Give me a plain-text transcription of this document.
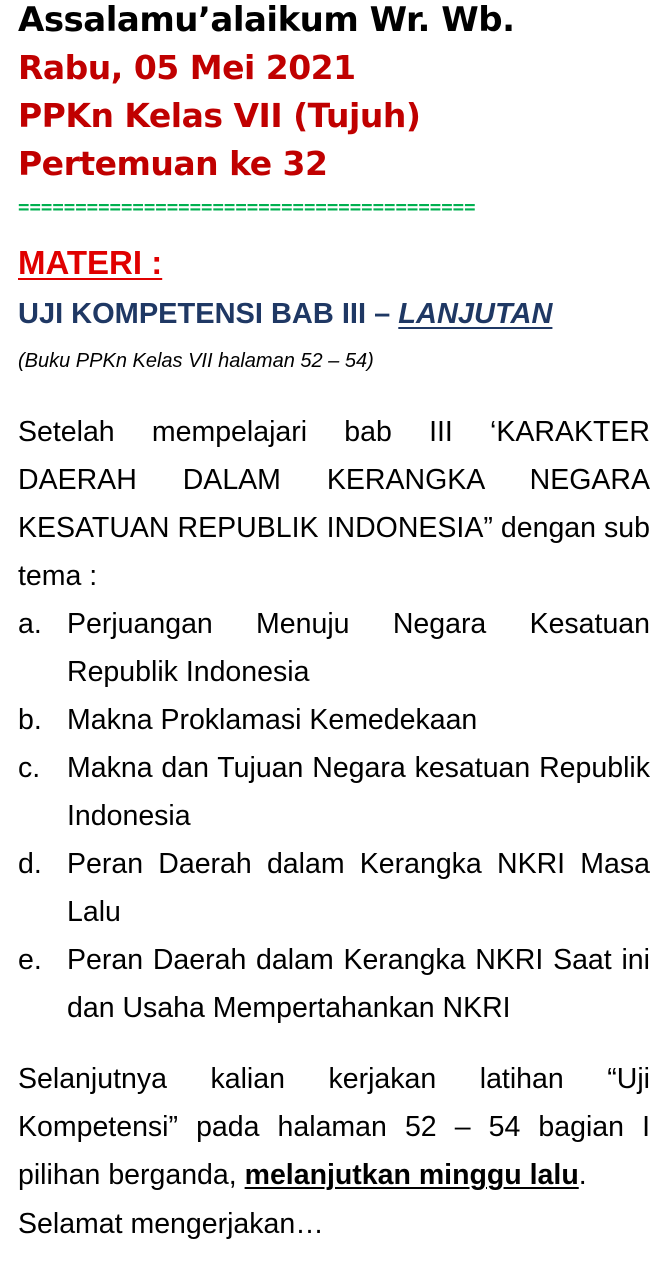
Assalamu’alaikum Wr. Wb.
Rabu, 05 Mei 2021
PPKn Kelas VII (Tujuh)
Pertemuan ke 32
========================================
MATERI :
UJI KOMPETENSI BAB III – LANJUTAN
(Buku PPKn Kelas VII halaman 52 – 54)
Setelah mempelajari bab III ‘KARAKTER DAERAH DALAM KERANGKA NEGARA KESATUAN REPUBLIK INDONESIA” dengan sub tema :
a. Perjuangan Menuju Negara Kesatuan Republik Indonesia
b. Makna Proklamasi Kemedekaan
c. Makna dan Tujuan Negara kesatuan Republik Indonesia
d. Peran Daerah dalam Kerangka NKRI Masa Lalu
e. Peran Daerah dalam Kerangka NKRI Saat ini dan Usaha Mempertahankan NKRI
Selanjutnya kalian kerjakan latihan “Uji Kompetensi” pada halaman 52 – 54 bagian I pilihan berganda, melanjutkan minggu lalu.
Selamat mengerjakan…
